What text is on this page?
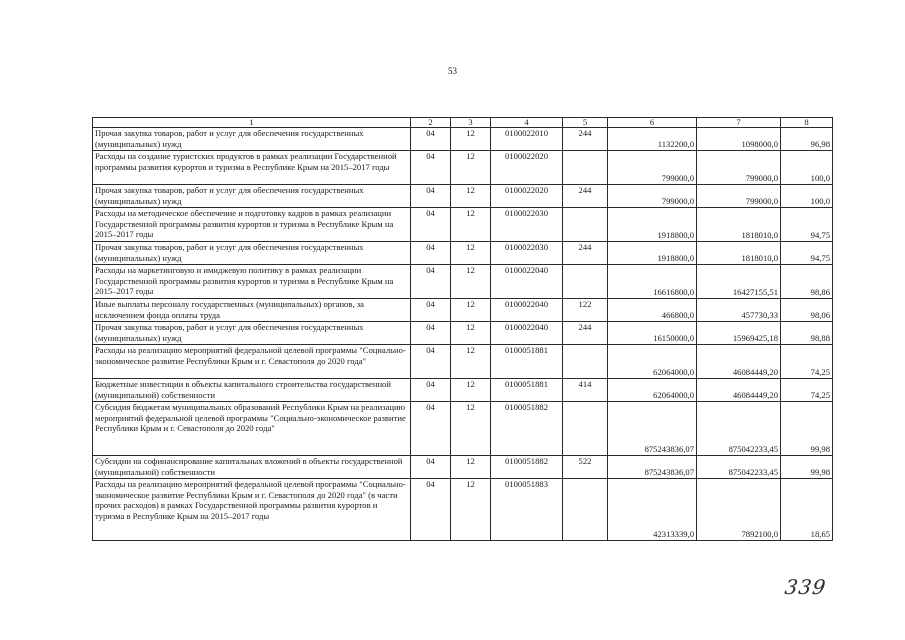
53
1	2	3	4	5	6	7	8
Прочая закупка товаров, работ и услуг для обеспечения государственных (муниципальных) нужд	04	12	0100022010	244	1132200,0	1098000,0	96,98
Расходы на создание туристских продуктов в рамках реализации Государственной программы развития курортов и туризма в Республике Крым на 2015–2017 годы	04	12	0100022020		799000,0	799000,0	100,0
Прочая закупка товаров, работ и услуг для обеспечения государственных (муниципальных) нужд	04	12	0100022020	244	799000,0	799000,0	100,0
Расходы на методическое обеспечение и подготовку кадров в рамках реализации Государственной программы развития курортов и туризма в Республике Крым на 2015–2017 годы	04	12	0100022030		1918800,0	1818010,0	94,75
Прочая закупка товаров, работ и услуг для обеспечения государственных (муниципальных) нужд	04	12	0100022030	244	1918800,0	1818010,0	94,75
Расходы на маркетинговую и имиджевую политику в рамках реализации Государственной программы развития курортов и туризма в Республике Крым на 2015–2017 годы	04	12	0100022040		16616800,0	16427155,51	98,86
Иные выплаты персоналу государственных (муниципальных) органов, за исключением фонда оплаты труда	04	12	0100022040	122	466800,0	457730,33	98,06
Прочая закупка товаров, работ и услуг для обеспечения государственных (муниципальных) нужд	04	12	0100022040	244	16150000,0	15969425,18	98,88
Расходы на реализацию мероприятий федеральной целевой программы "Социально-экономическое развитие Республики Крым и г. Севастополя до 2020 года"	04	12	0100051881		62064000,0	46084449,20	74,25
Бюджетные инвестиции в объекты капитального строительства государственной (муниципальной) собственности	04	12	0100051881	414	62064000,0	46084449,20	74,25
Субсидия бюджетам муниципальных образований Республики Крым на реализацию мероприятий федеральной целевой программы "Социально-экономическое развитие Республики Крым и г. Севастополя до 2020 года"	04	12	0100051882		875243836,07	875042233,45	99,98
Субсидии на софинансирование капитальных вложений в объекты государственной (муниципальной) собственности	04	12	0100051882	522	875243836,07	875042233,45	99,98
Расходы на реализацию мероприятий федеральной целевой программы "Социально-экономическое развитие Республики Крым и г. Севастополя до 2020 года" (в части прочих расходов) в рамках Государственной программы развития курортов и туризма в Республике Крым на 2015–2017 годы	04	12	0100051883		42313339,0	7892100,0	18,65
339
